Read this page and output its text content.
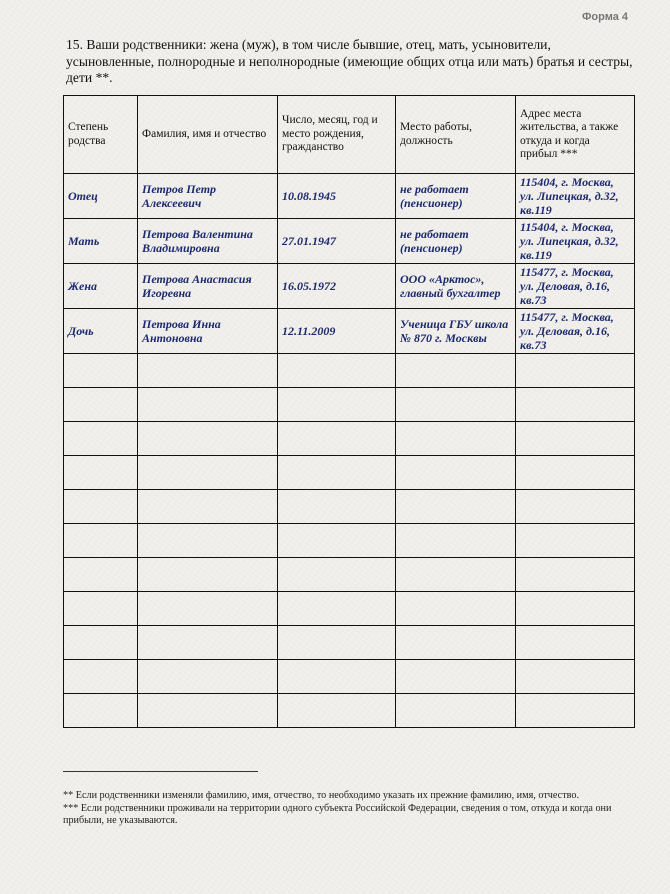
Форма 4
15. Ваши родственники: жена (муж), в том числе бывшие, отец, мать, усыновители, усыновленные, полнородные и неполнородные (имеющие общих отца или мать) братья и сестры, дети **.
Степень родства	Фамилия, имя и отчество	Число, месяц, год и место рождения, гражданство	Место работы, должность	Адрес места жительства, а также откуда и когда прибыл ***
Отец	Петров Петр Алексеевич	10.08.1945	не работает (пенсионер)	115404, г. Москва, ул. Липецкая, д.32, кв.119
Мать	Петрова Валентина Владимировна	27.01.1947	не работает (пенсионер)	115404, г. Москва, ул. Липецкая, д.32, кв.119
Жена	Петрова Анастасия Игоревна	16.05.1972	ООО «Арктос», главный бухгалтер	115477, г. Москва, ул. Деловая, д.16, кв.73
Дочь	Петрова Инна Антоновна	12.11.2009	Ученица ГБУ школа № 870 г. Москвы	115477, г. Москва, ул. Деловая, д.16, кв.73

** Если родственники изменяли фамилию, имя, отчество, то необходимо указать их прежние фамилию, имя, отчество.

*** Если родственники проживали на территории одного субъекта Российской Федерации, сведения о том, откуда и когда они прибыли, не указываются.
